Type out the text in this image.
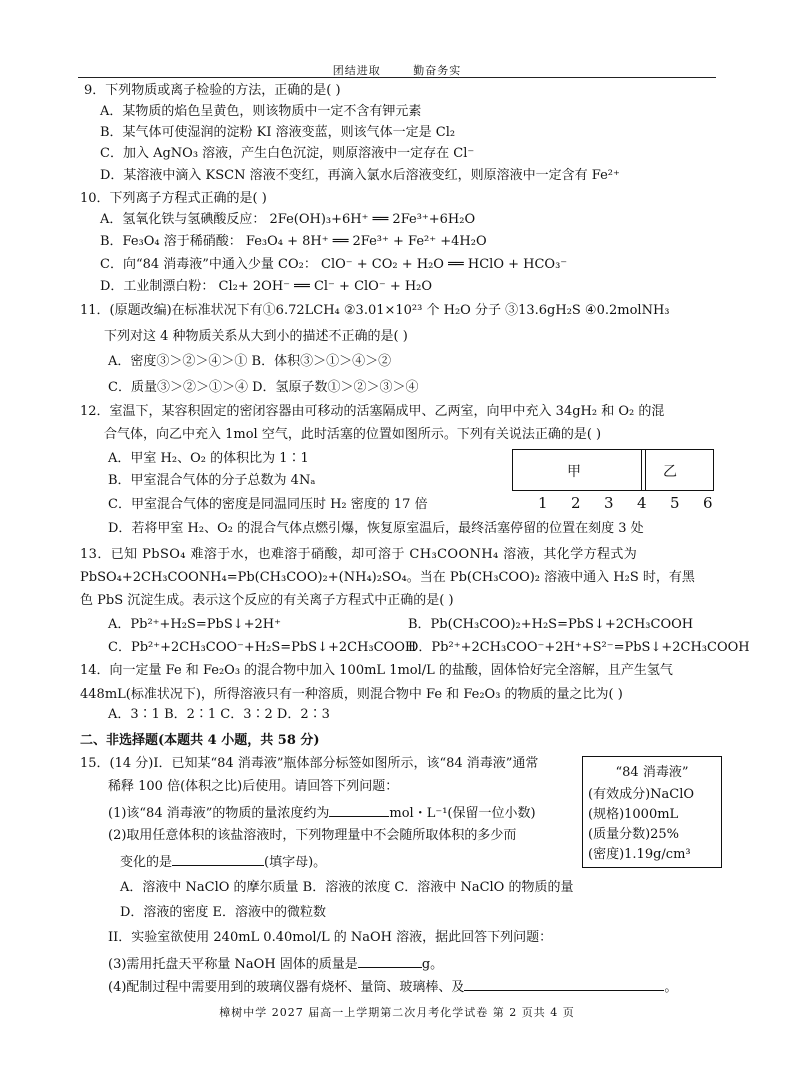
团结进取	勤奋务实
9．下列物质或离子检验的方法，正确的是( )
A．某物质的焰色呈黄色，则该物质中一定不含有钾元素
B．某气体可使湿润的淀粉 KI 溶液变蓝，则该气体一定是 Cl₂
C．加入 AgNO₃ 溶液，产生白色沉淀，则原溶液中一定存在 Cl⁻
D．某溶液中滴入 KSCN 溶液不变红，再滴入氯水后溶液变红，则原溶液中一定含有 Fe²⁺
10．下列离子方程式正确的是( )
A．氢氧化铁与氢碘酸反应： 2Fe(OH)₃+6H⁺ ══ 2Fe³⁺+6H₂O
B．Fe₃O₄ 溶于稀硝酸： Fe₃O₄ + 8H⁺ ══ 2Fe³⁺ + Fe²⁺ +4H₂O
C．向“84 消毒液”中通入少量 CO₂： ClO⁻ + CO₂ + H₂O ══ HClO + HCO₃⁻
D．工业制漂白粉： Cl₂+ 2OH⁻ ══ Cl⁻ + ClO⁻ + H₂O
11．(原题改编)在标准状况下有①6.72LCH₄ ②3.01×10²³ 个 H₂O 分子 ③13.6gH₂S ④0.2molNH₃
下列对这 4 种物质关系从大到小的描述不正确的是( )
A．密度③＞②＞④＞① B．体积③＞①＞④＞②
C．质量③＞②＞①＞④ D．氢原子数①＞②＞③＞④
12．室温下，某容积固定的密闭容器由可移动的活塞隔成甲、乙两室，向甲中充入 34gH₂ 和 O₂ 的混
合气体，向乙中充入 1mol 空气，此时活塞的位置如图所示。下列有关说法正确的是( )
A．甲室 H₂、O₂ 的体积比为 1∶1
B．甲室混合气体的分子总数为 4Nₐ
C．甲室混合气体的密度是同温同压时 H₂ 密度的 17 倍
D．若将甲室 H₂、O₂ 的混合气体点燃引爆，恢复原室温后，最终活塞停留的位置在刻度 3 处
甲	乙
1 2 3 4 5 6
13．已知 PbSO₄ 难溶于水，也难溶于硝酸，却可溶于 CH₃COONH₄ 溶液，其化学方程式为
PbSO₄+2CH₃COONH₄=Pb(CH₃COO)₂+(NH₄)₂SO₄。当在 Pb(CH₃COO)₂ 溶液中通入 H₂S 时，有黑
色 PbS 沉淀生成。表示这个反应的有关离子方程式中正确的是( )
A．Pb²⁺+H₂S=PbS↓+2H⁺	B．Pb(CH₃COO)₂+H₂S=PbS↓+2CH₃COOH
C．Pb²⁺+2CH₃COO⁻+H₂S=PbS↓+2CH₃COOH
D．Pb²⁺+2CH₃COO⁻+2H⁺+S²⁻=PbS↓+2CH₃COOH
14．向一定量 Fe 和 Fe₂O₃ 的混合物中加入 100mL 1mol/L 的盐酸，固体恰好完全溶解，且产生氢气
448mL(标准状况下)，所得溶液只有一种溶质，则混合物中 Fe 和 Fe₂O₃ 的物质的量之比为( )
A．3∶1 B．2∶1 C．3∶2 D．2∶3
二、非选择题(本题共 4 小题，共 58 分)
15．(14 分)I．已知某“84 消毒液”瓶体部分标签如图所示，该“84 消毒液”通常
稀释 100 倍(体积之比)后使用。请回答下列问题：
(1)该“84 消毒液”的物质的量浓度约为	mol・L⁻¹(保留一位小数)
(2)取用任意体积的该盐溶液时，下列物理量中不会随所取体积的多少而
变化的是	(填字母)。
A．溶液中 NaClO 的摩尔质量 B．溶液的浓度 C．溶液中 NaClO 的物质的量
D．溶液的密度 E．溶液中的微粒数
II．实验室欲使用 240mL 0.40mol/L 的 NaOH 溶液，据此回答下列问题：
(3)需用托盘天平称量 NaOH 固体的质量是	g。
(4)配制过程中需要用到的玻璃仪器有烧杯、量筒、玻璃棒、及	。
“84 消毒液”
(有效成分)NaClO
(规格)1000mL
(质量分数)25%
(密度)1.19g/cm³
樟树中学 2027 届高一上学期第二次月考化学试卷 第 2 页共 4 页
